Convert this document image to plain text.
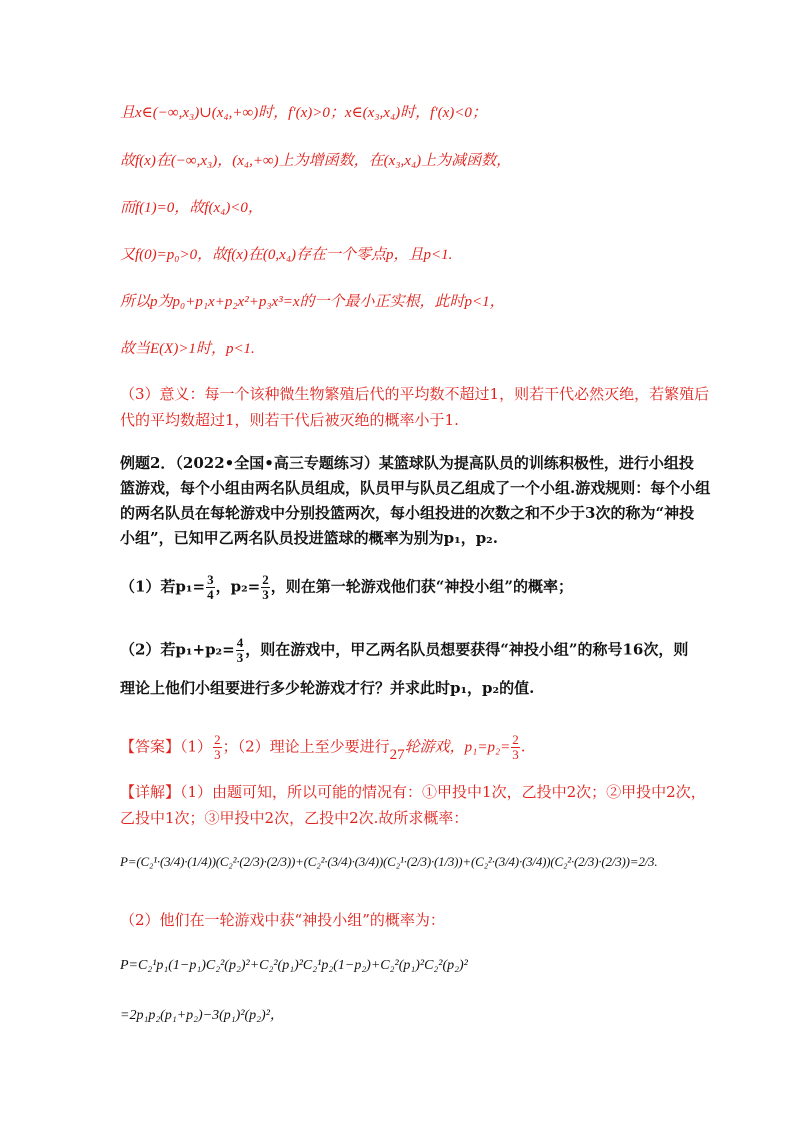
且x∈(−∞,x₃)∪(x₄,+∞)时，f′(x)>0；x∈(x₃,x₄)时，f′(x)<0；
故f(x)在(−∞,x₃)，(x₄,+∞)上为增函数，在(x₃,x₄)上为减函数，
而f(1)=0，故f(x₄)<0，
又f(0)=p₀>0，故f(x)在(0,x₄)存在一个零点p，且p<1.
所以p为p₀+p₁x+p₂x²+p₃x³=x的一个最小正实根，此时p<1，
故当E(X)>1时，p<1.
（3）意义：每一个该种微生物繁殖后代的平均数不超过1，则若干代必然灭绝，若繁殖后
代的平均数超过1，则若干代后被灭绝的概率小于1.
例题2．（2022•全国•高三专题练习）某篮球队为提高队员的训练积极性，进行小组投
篮游戏，每个小组由两名队员组成，队员甲与队员乙组成了一个小组.游戏规则：每个小组
的两名队员在每轮游戏中分别投篮两次，每小组投进的次数之和不少于3次的称为“神投
小组”，已知甲乙两名队员投进篮球的概率为别为p₁，p₂.
（1）若$p_1= \frac{3}{4}$ ，$p_2= \frac{2}{3}$ ，则在第一轮游戏他们获“神投小组”的概率；
（2）若$p_1+p_2= \frac{4}{3}$ ，则在游戏中，甲乙两名队员想要获得“神投小组”的称号16次，则
理论上他们小组要进行多少轮游戏才行？并求此时p₁，p₂的值.
【答案】$(1) \frac{2}{3}$ ；（2）理论上至少要进行27轮游戏，$p_1=p_2= \frac{2}{3}$ .
【详解】（1）由题可知，所以可能的情况有：①甲投中1次，乙投中2次；②甲投中2次，
乙投中1次；③甲投中2次，乙投中2次.故所求概率：
P=(C₂¹·(3/4)·(1/4))(C₂²·(2/3)·(2/3))+(C₂²·(3/4)·(3/4))(C₂¹·(2/3)·(1/3))+(C₂²·(3/4)·(3/4))(C₂²·(2/3)·(2/3))=2/3.
（2）他们在一轮游戏中获“神投小组”的概率为：
P=C₂¹p₁(1−p₁)C₂²(p₂)²+C₂²(p₁)²C₂¹p₂(1−p₂)+C₂²(p₁)²C₂²(p₂)²
=2p₁p₂(p₁+p₂)−3(p₁)²(p₂)²，
